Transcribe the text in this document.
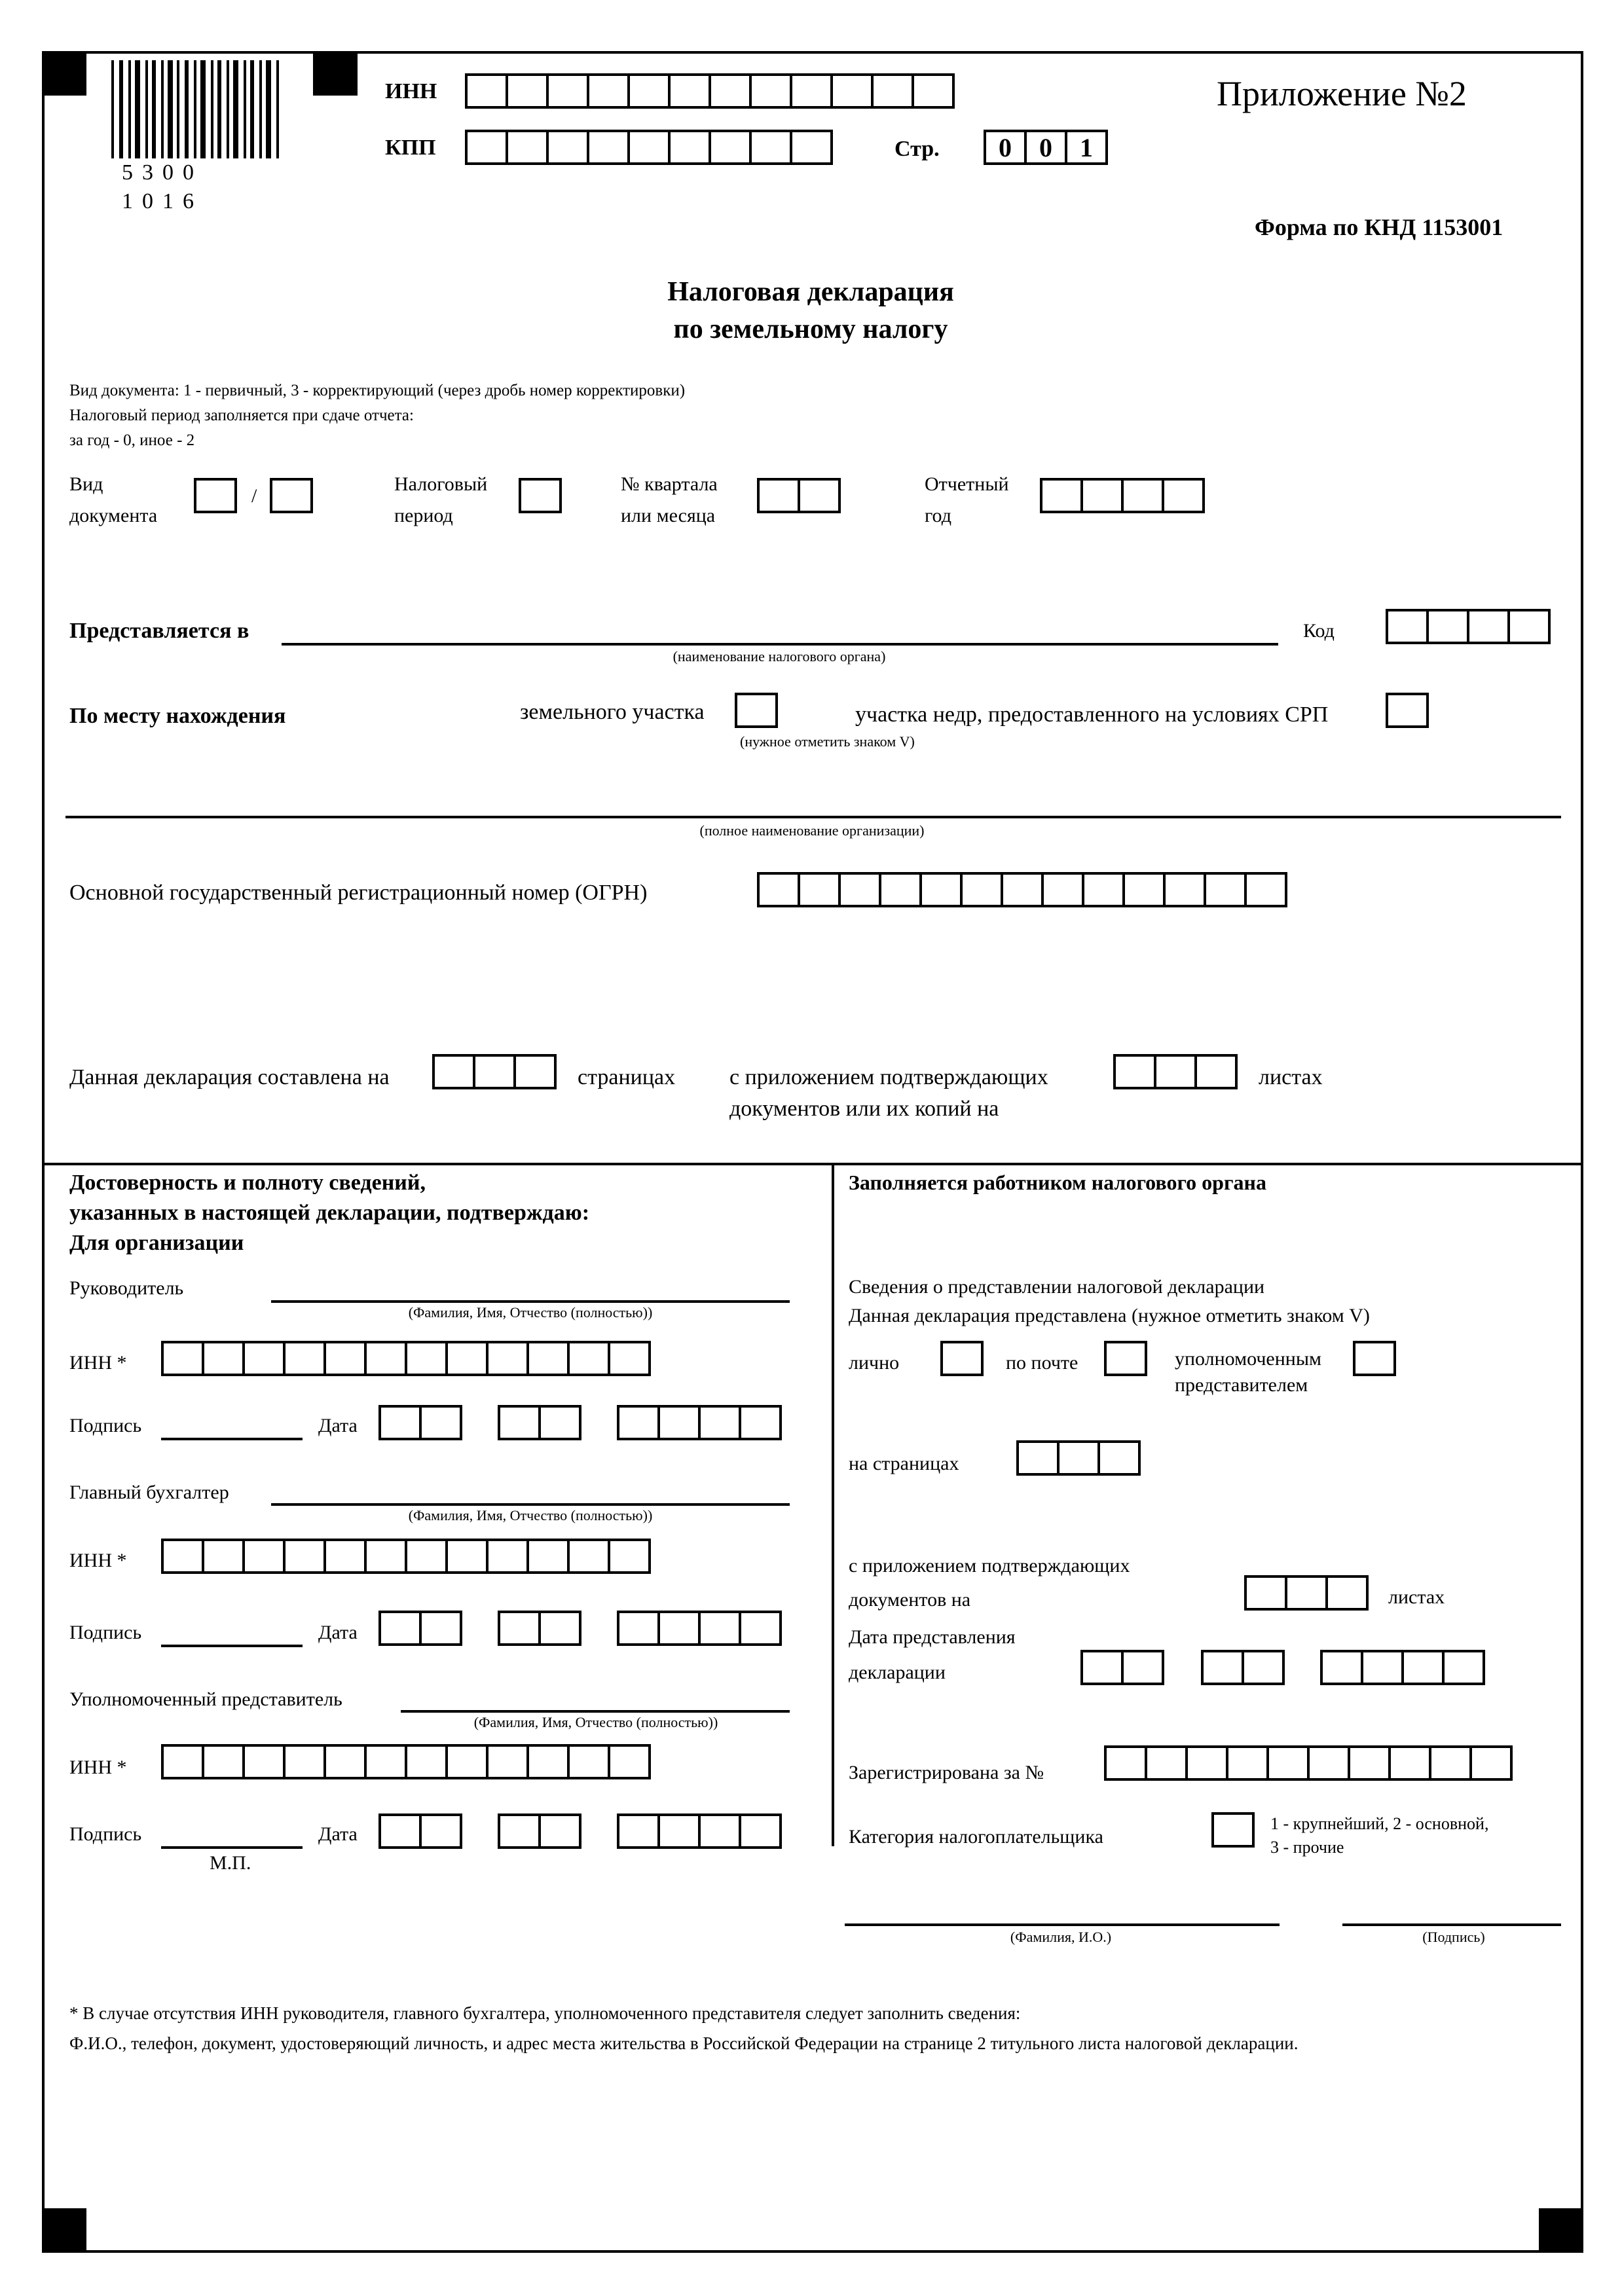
5300 1016
ИНН
КПП	Стр.	0	0	1
Приложение №2
Форма по КНД 1153001
Налоговая декларация
по земельному налогу
Вид документа: 1 - первичный, 3 - корректирующий (через дробь номер корректировки)
Налоговый период заполняется при сдаче отчета:
за год - 0, иное - 2
Вид
документа
/
Налоговый
период
№ квартала
или месяца
Отчетный
год
Представляется в
(наименование налогового органа)
Код
По месту нахождения	земельного участка	участка недр, предоставленного на условиях СРП
(нужное отметить знаком V)
(полное наименование организации)
Основной государственный регистрационный номер (ОГРН)
Данная декларация составлена на	страницах с приложением подтверждающих
документов или их копий на
листах
Достоверность и полноту сведений,
указанных в настоящей декларации, подтверждаю:
Для организации
Руководитель
(Фамилия, Имя, Отчество (полностью))
ИНН *
Подпись	Дата
Главный бухгалтер
(Фамилия, Имя, Отчество (полностью))
ИНН *
Подпись	Дата
Уполномоченный представитель
(Фамилия, Имя, Отчество (полностью))
ИНН *
Подпись	Дата
М.П.
Заполняется работником налогового органа
Сведения о представлении налоговой декларации
Данная декларация представлена (нужное отметить знаком V)
лично	по почте	уполномоченным
представителем
на страницах
с приложением подтверждающих
документов на	листах
Дата представления
декларации
Зарегистрирована за №
Категория налогоплательщика
1 - крупнейший, 2 - основной,
3 - прочие
(Фамилия, И.О.)	(Подпись)
* В случае отсутствия ИНН руководителя, главного бухгалтера, уполномоченного представителя следует заполнить сведения:
Ф.И.О., телефон, документ, удостоверяющий личность, и адрес места жительства в Российской Федерации на странице 2 титульного листа налоговой декларации.
